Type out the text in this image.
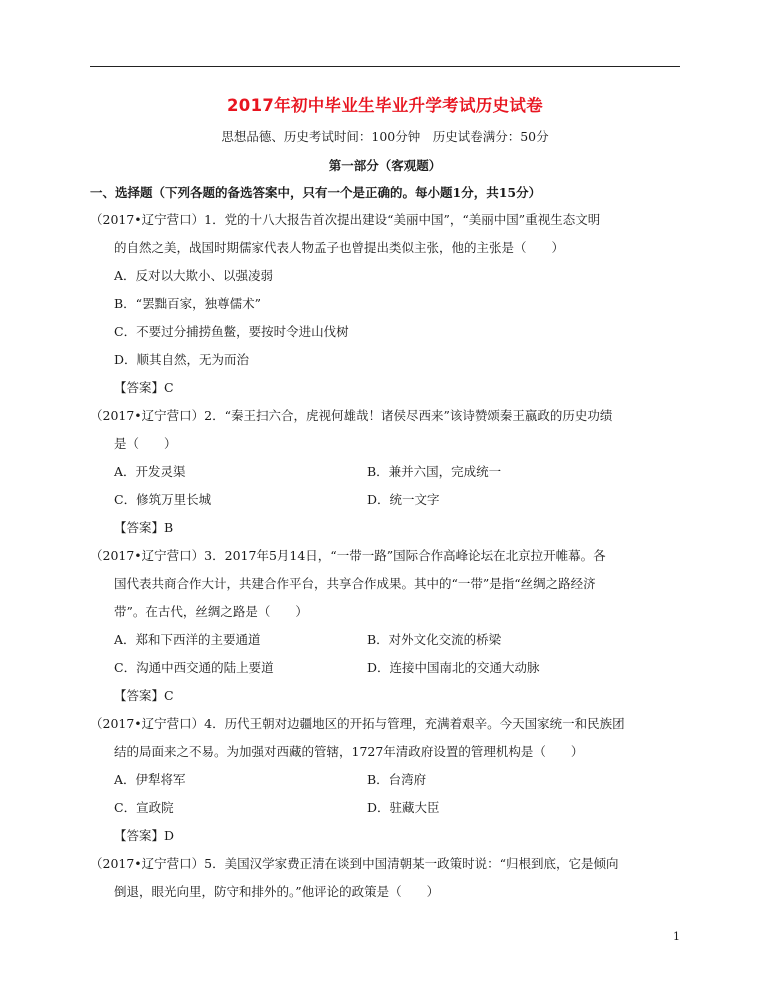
2017年初中毕业生毕业升学考试历史试卷
思想品德、历史考试时间：100分钟　历史试卷满分：50分
第一部分（客观题）
一、选择题（下列各题的备选答案中，只有一个是正确的。每小题1分，共15分）
（2017•辽宁营口）1．党的十八大报告首次提出建设“美丽中国”，“美丽中国”重视生态文明
的自然之美，战国时期儒家代表人物孟子也曾提出类似主张，他的主张是（　　）
A．反对以大欺小、以强凌弱
B．“罢黜百家，独尊儒术”
C．不要过分捕捞鱼鳖，要按时令进山伐树
D．顺其自然，无为而治
【答案】C
（2017•辽宁营口）2．“秦王扫六合，虎视何雄哉！诸侯尽西来”该诗赞颂秦王嬴政的历史功绩
是（　　）
A．开发灵渠	B．兼并六国，完成统一
C．修筑万里长城	D．统一文字
【答案】B
（2017•辽宁营口）3．2017年5月14日，“一带一路”国际合作高峰论坛在北京拉开帷幕。各
国代表共商合作大计，共建合作平台，共享合作成果。其中的“一带”是指“丝绸之路经济
带”。在古代，丝绸之路是（　　）
A．郑和下西洋的主要通道	B．对外文化交流的桥梁
C．沟通中西交通的陆上要道	D．连接中国南北的交通大动脉
【答案】C
（2017•辽宁营口）4．历代王朝对边疆地区的开拓与管理，充满着艰辛。今天国家统一和民族团
结的局面来之不易。为加强对西藏的管辖，1727年清政府设置的管理机构是（　　）
A．伊犁将军	B．台湾府
C．宣政院	D．驻藏大臣
【答案】D
（2017•辽宁营口）5．美国汉学家费正清在谈到中国清朝某一政策时说：“归根到底，它是倾向
倒退，眼光向里，防守和排外的。”他评论的政策是（　　）
1
